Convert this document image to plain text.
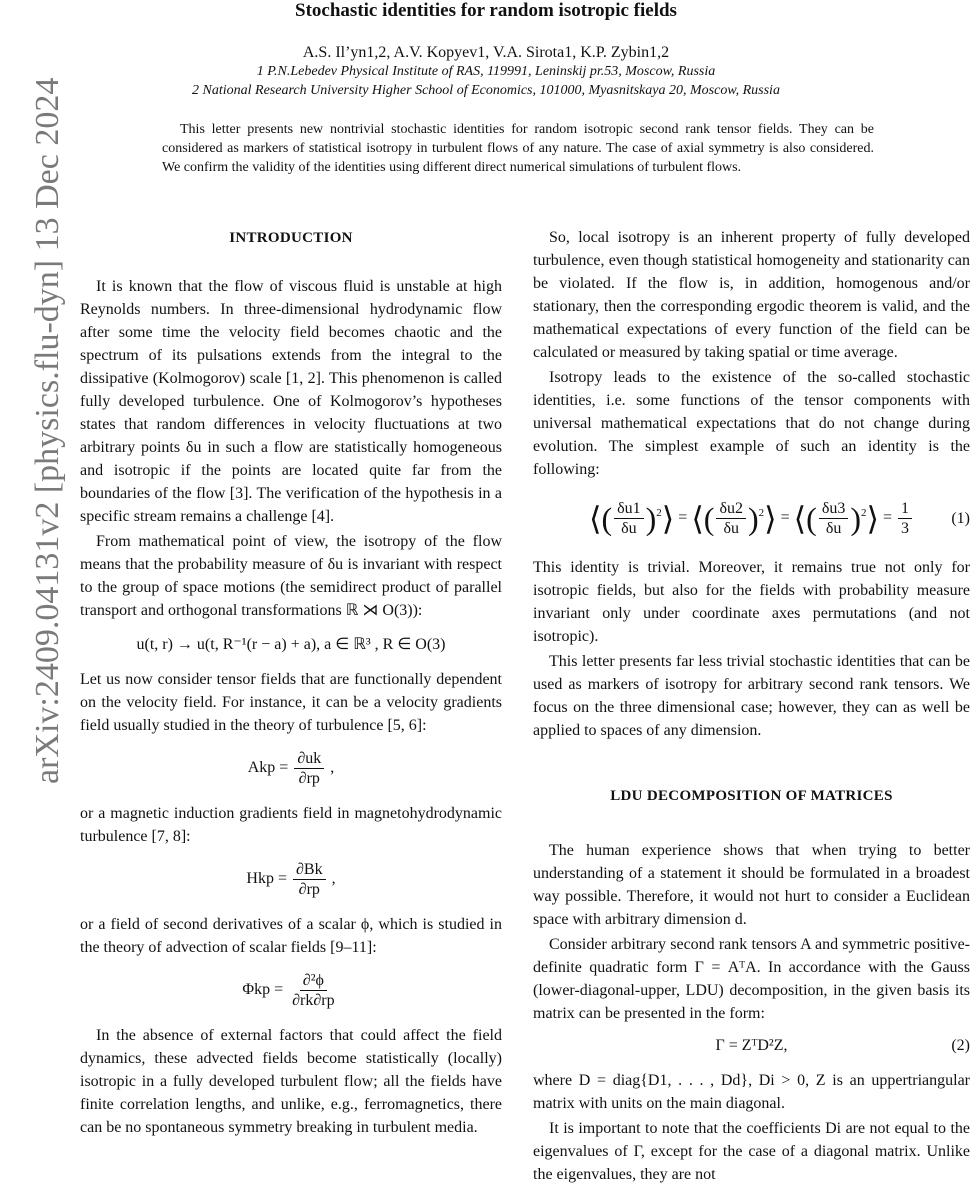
Stochastic identities for random isotropic fields
A.S. Il’yn1,2, A.V. Kopyev1, V.A. Sirota1, K.P. Zybin1,2
1 P.N.Lebedev Physical Institute of RAS, 119991, Leninskij pr.53, Moscow, Russia
2 National Research University Higher School of Economics, 101000, Myasnitskaya 20, Moscow, Russia

This letter presents new nontrivial stochastic identities for random isotropic second rank tensor fields. They can be considered as markers of statistical isotropy in turbulent flows of any nature. The case of axial symmetry is also considered. We confirm the validity of the identities using different direct numerical simulations of turbulent flows.

arXiv:2409.04131v2 [physics.flu-dyn] 13 Dec 2024	INTRODUCTION

It is known that the flow of viscous fluid is unstable at high Reynolds numbers. In three-dimensional hydrodynamic flow after some time the velocity field becomes chaotic and the spectrum of its pulsations extends from the integral to the dissipative (Kolmogorov) scale [1, 2]. This phenomenon is called fully developed turbulence. One of Kolmogorov’s hypotheses states that random differences in velocity fluctuations at two arbitrary points δu in such a flow are statistically homogeneous and isotropic if the points are located quite far from the boundaries of the flow [3]. The verification of the hypothesis in a specific stream remains a challenge [4].

From mathematical point of view, the isotropy of the flow means that the probability measure of δu is invariant with respect to the group of space motions (the semidirect product of parallel transport and orthogonal transformations ℝ ⋊ O(3)):

u(t, r) → u(t, R⁻¹(r − a) + a), a ∈ ℝ³ , R ∈ O(3)

Let us now consider tensor fields that are functionally dependent on the velocity field. For instance, it can be a velocity gradients field usually studied in the theory of turbulence [5, 6]:

Akp = $\frac{\partial uk}{\partial rp}$ ,

or a magnetic induction gradients field in magnetohydrodynamic turbulence [7, 8]:

Hkp = $\frac{\partial Bk}{\partial rp}$ ,

or a field of second derivatives of a scalar ϕ, which is studied in the theory of advection of scalar fields [9–11]:

$\Phi kp = \frac{\text{∂²ϕ}}{\partial rk\partial rp}$

In the absence of external factors that could affect the field dynamics, these advected fields become statistically (locally) isotropic in a fully developed turbulent flow; all the fields have finite correlation lengths, and unlike, e.g., ferromagnetics, there can be no spontaneous symmetry breaking in turbulent media.

So, local isotropy is an inherent property of fully developed turbulence, even though statistical homogeneity and stationarity can be violated. If the flow is, in addition, homogenous and/or stationary, then the corresponding ergodic theorem is valid, and the mathematical expectations of every function of the field can be calculated or measured by taking spatial or time average.

Isotropy leads to the existence of the so-called stochastic identities, i.e. some functions of the tensor components with universal mathematical expectations that do not change during evolution. The simplest example of such an identity is the following:

⟨( $\frac{\delta u1}{\delta u}$ )$^2$⟩ = ⟨( $\frac{\delta u2}{\delta u}$ )$^2$⟩ = ⟨( $\frac{\delta u3}{\delta u}$ )$^2$⟩ = $\frac{1}{3} (1)$

This identity is trivial. Moreover, it remains true not only for isotropic fields, but also for the fields with probability measure invariant only under coordinate axes permutations (and not isotropic).

This letter presents far less trivial stochastic identities that can be used as markers of isotropy for arbitrary second rank tensors. We focus on the three dimensional case; however, they can as well be applied to spaces of any dimension.

LDU DECOMPOSITION OF MATRICES

The human experience shows that when trying to better understanding of a statement it should be formulated in a broadest way possible. Therefore, it would not hurt to consider a Euclidean space with arbitrary dimension d.

Consider arbitrary second rank tensors A and symmetric positive-definite quadratic form Γ = AᵀA. In accordance with the Gauss (lower-diagonal-upper, LDU) decomposition, in the given basis its matrix can be presented in the form:

Γ = ZᵀD²Z,	(2)

where D = diag{D1, . . . , Dd}, Di > 0, Z is an uppertriangular matrix with units on the main diagonal.

It is important to note that the coefficients Di are not equal to the eigenvalues of Γ, except for the case of a diagonal matrix. Unlike the eigenvalues, they are not
